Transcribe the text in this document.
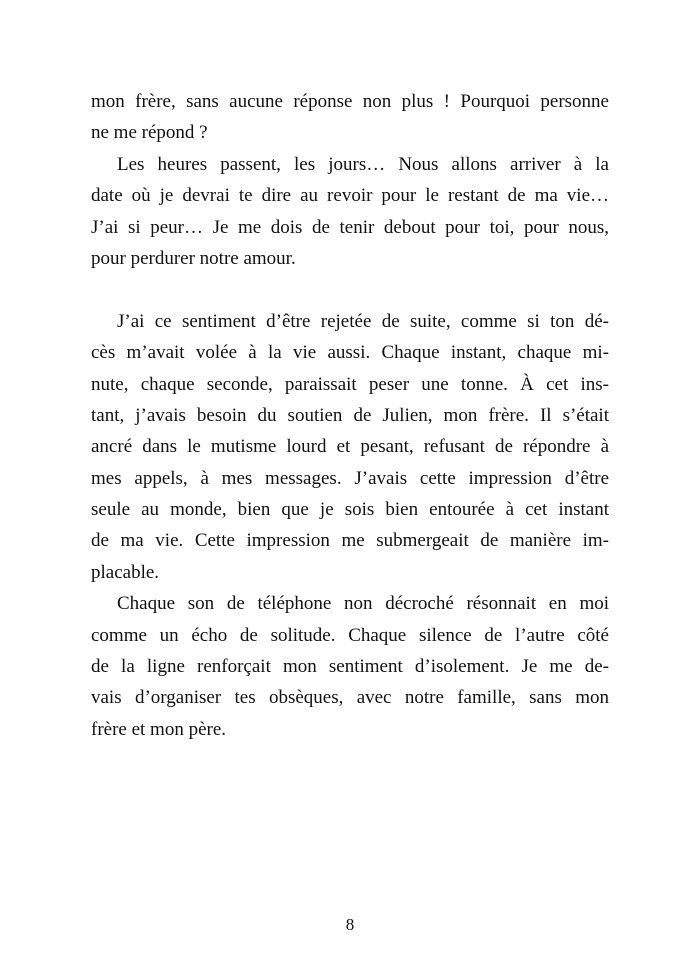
mon frère, sans aucune réponse non plus ! Pourquoi personne
ne me répond ?
Les heures passent, les jours… Nous allons arriver à la
date où je devrai te dire au revoir pour le restant de ma vie…
J’ai si peur… Je me dois de tenir debout pour toi, pour nous,
pour perdurer notre amour.
J’ai ce sentiment d’être rejetée de suite, comme si ton dé-
cès m’avait volée à la vie aussi. Chaque instant, chaque mi-
nute, chaque seconde, paraissait peser une tonne. À cet ins-
tant, j’avais besoin du soutien de Julien, mon frère. Il s’était
ancré dans le mutisme lourd et pesant, refusant de répondre à
mes appels, à mes messages. J’avais cette impression d’être
seule au monde, bien que je sois bien entourée à cet instant
de ma vie. Cette impression me submergeait de manière im-
placable.
Chaque son de téléphone non décroché résonnait en moi
comme un écho de solitude. Chaque silence de l’autre côté
de la ligne renforçait mon sentiment d’isolement. Je me de-
vais d’organiser tes obsèques, avec notre famille, sans mon
frère et mon père.
8
